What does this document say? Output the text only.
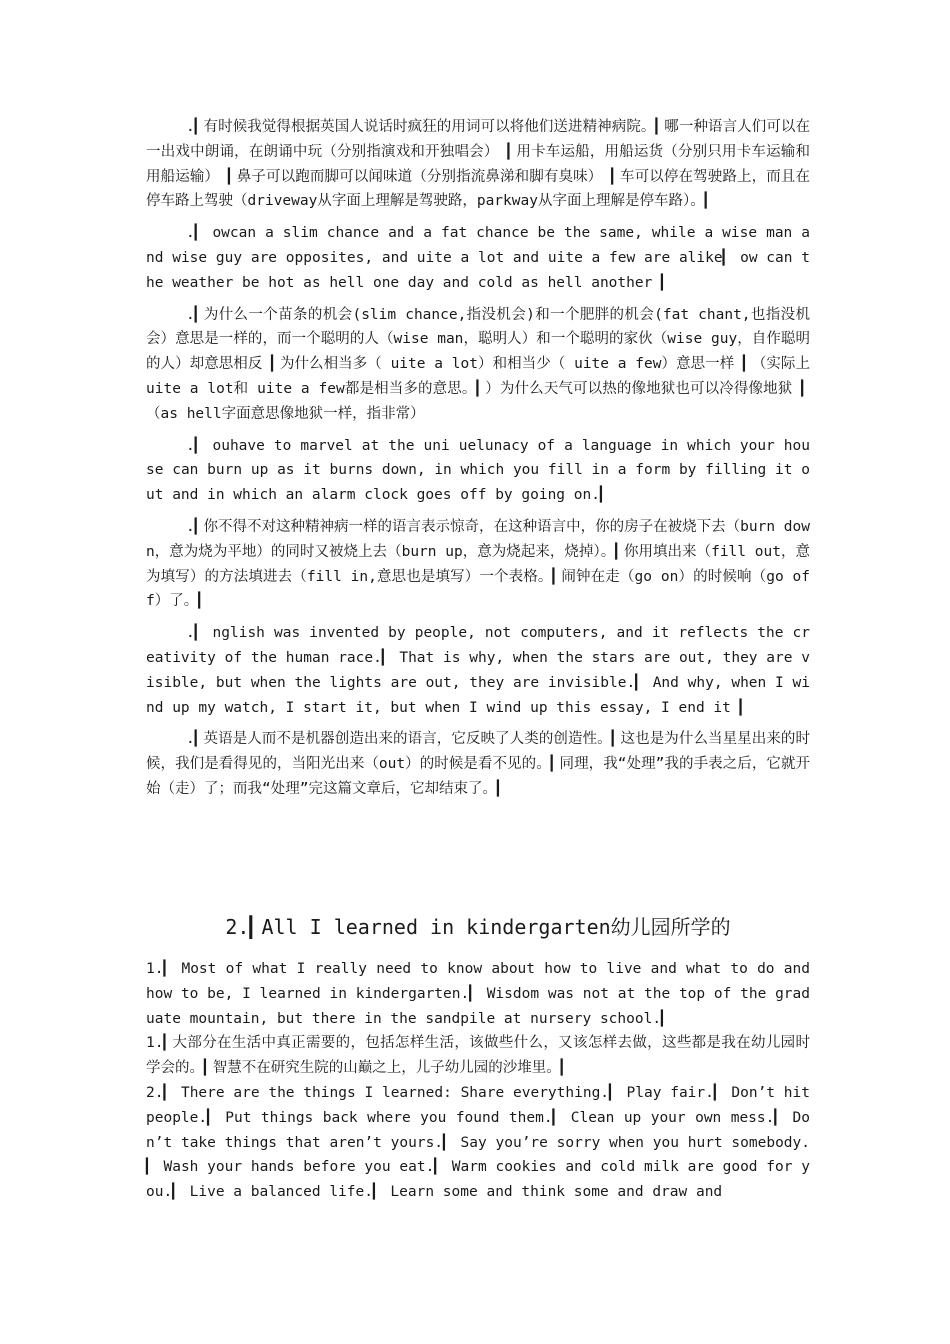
.▎有时候我觉得根据英国人说话时疯狂的用词可以将他们送进精神病院。▎哪一种语言人们可以在一出戏中朗诵，在朗诵中玩（分别指演戏和开独唱会） ▎用卡车运船，用船运货（分别只用卡车运输和用船运输） ▎鼻子可以跑而脚可以闻味道（分别指流鼻涕和脚有臭味） ▎车可以停在驾驶路上，而且在停车路上驾驶（driveway从字面上理解是驾驶路，parkway从字面上理解是停车路）。▎

.▎ owcan a slim chance and a fat chance be the same, while a wise man and wise guy are opposites, and uite a lot and uite a few are alike▎ ow can the weather be hot as hell one day and cold as hell another ▎

.▎为什么一个苗条的机会(slim chance,指没机会)和一个肥胖的机会(fat chant,也指没机会）意思是一样的，而一个聪明的人（wise man，聪明人）和一个聪明的家伙（wise guy，自作聪明的人）却意思相反 ▎为什么相当多（ uite a lot）和相当少（ uite a few）意思一样 ▎（实际上 uite a lot和 uite a few都是相当多的意思。▎）为什么天气可以热的像地狱也可以冷得像地狱 ▎（as hell字面意思像地狱一样，指非常）

.▎ ouhave to marvel at the uni uelunacy of a language in which your house can burn up as it burns down, in which you fill in a form by filling it out and in which an alarm clock goes off by going on.▎

.▎你不得不对这种精神病一样的语言表示惊奇，在这种语言中，你的房子在被烧下去（burn down，意为烧为平地）的同时又被烧上去（burn up，意为烧起来，烧掉）。▎你用填出来（fill out，意为填写）的方法填进去（fill in,意思也是填写）一个表格。▎闹钟在走（go on）的时候响（go off）了。▎

.▎ nglish was invented by people, not computers, and it reflects the creativity of the human race.▎ That is why, when the stars are out, they are visible, but when the lights are out, they are invisible.▎ And why, when I wind up my watch, I start it, but when I wind up this essay, I end it ▎

.▎英语是人而不是机器创造出来的语言，它反映了人类的创造性。▎这也是为什么当星星出来的时候，我们是看得见的，当阳光出来（out）的时候是看不见的。▎同理，我“处理”我的手表之后，它就开始（走）了；而我“处理”完这篇文章后，它却结束了。▎

2.▎All I learned in kindergarten幼儿园所学的

1.▎ Most of what I really need to know about how to live and what to do and how to be, I learned in kindergarten.▎ Wisdom was not at the top of the graduate mountain, but there in the sandpile at nursery school.▎

1.▎大部分在生活中真正需要的，包括怎样生活，该做些什么，又该怎样去做，这些都是我在幼儿园时学会的。▎智慧不在研究生院的山巅之上，儿子幼儿园的沙堆里。▎

2.▎ There are the things I learned: Share everything.▎ Play fair.▎ Don’t hit people.▎ Put things back where you found them.▎ Clean up your own mess.▎ Don’t take things that aren’t yours.▎ Say you’re sorry when you hurt somebody.▎ Wash your hands before you eat.▎ Warm cookies and cold milk are good for you.▎ Live a balanced life.▎ Learn some and think some and draw and
